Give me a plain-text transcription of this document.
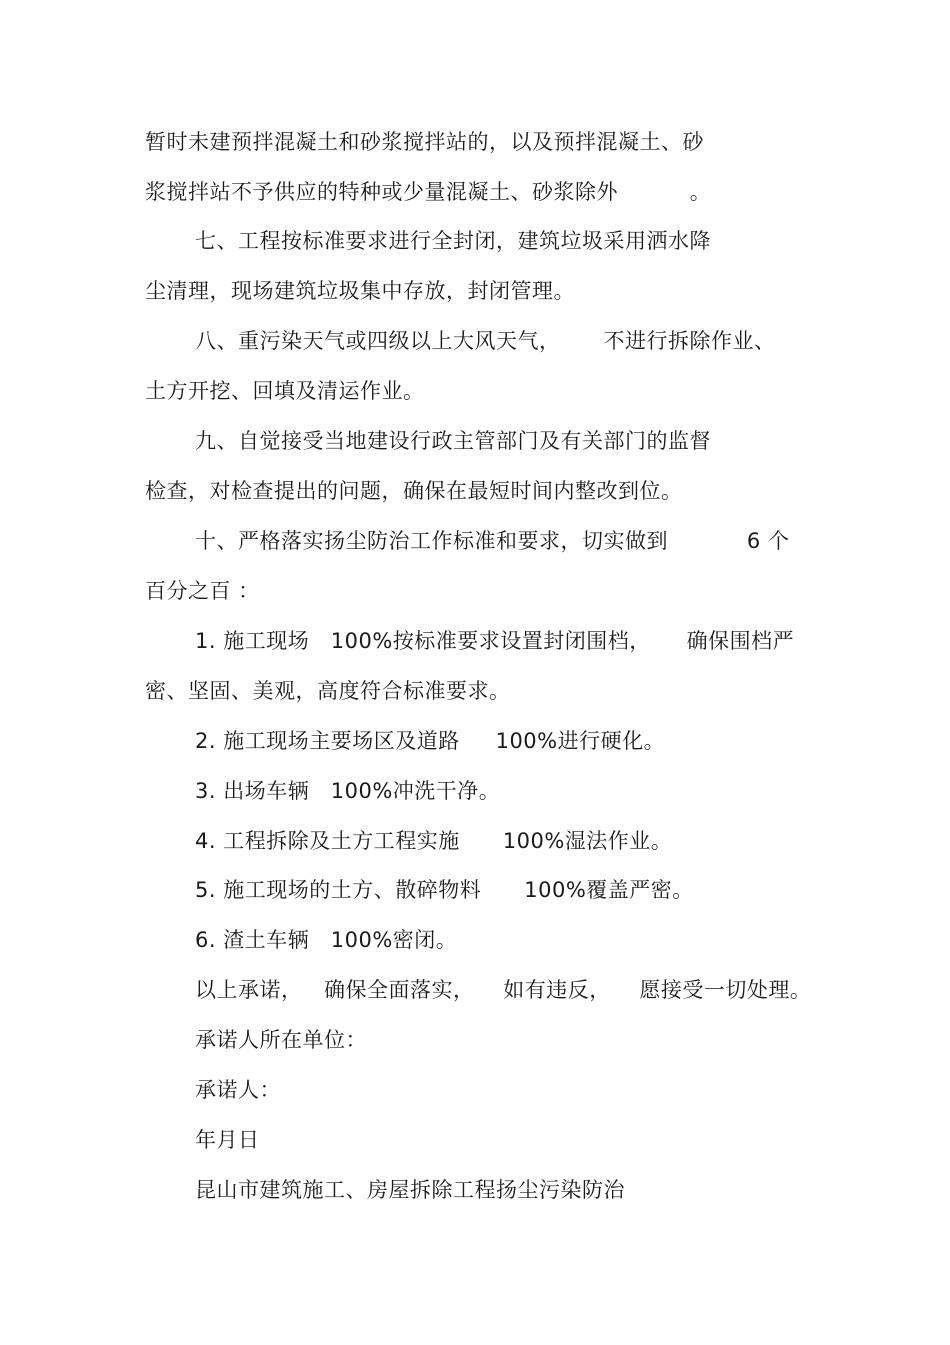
暂时未建预拌混凝土和砂浆搅拌站的，以及预拌混凝土、砂
浆搅拌站不予供应的特种或少量混凝土、砂浆除外          。
七、工程按标准要求进行全封闭，建筑垃圾采用洒水降
尘清理，现场建筑垃圾集中存放，封闭管理。
八、重污染天气或四级以上大风天气，      不进行拆除作业、
土方开挖、回填及清运作业。
九、自觉接受当地建设行政主管部门及有关部门的监督
检查，对检查提出的问题，确保在最短时间内整改到位。
十、严格落实扬尘防治工作标准和要求，切实做到           6 个
百分之百 ：
1. 施工现场   100%按标准要求设置封闭围档，     确保围档严
密、坚固、美观，高度符合标准要求。
2. 施工现场主要场区及道路     100%进行硬化。
3. 出场车辆   100%冲洗干净。
4. 工程拆除及土方工程实施      100%湿法作业。
5. 施工现场的土方、散碎物料      100%覆盖严密。
6. 渣土车辆   100%密闭。
以上承诺，   确保全面落实，    如有违反，    愿接受一切处理。
承诺人所在单位：
承诺人：
年月日
昆山市建筑施工、房屋拆除工程扬尘污染防治
